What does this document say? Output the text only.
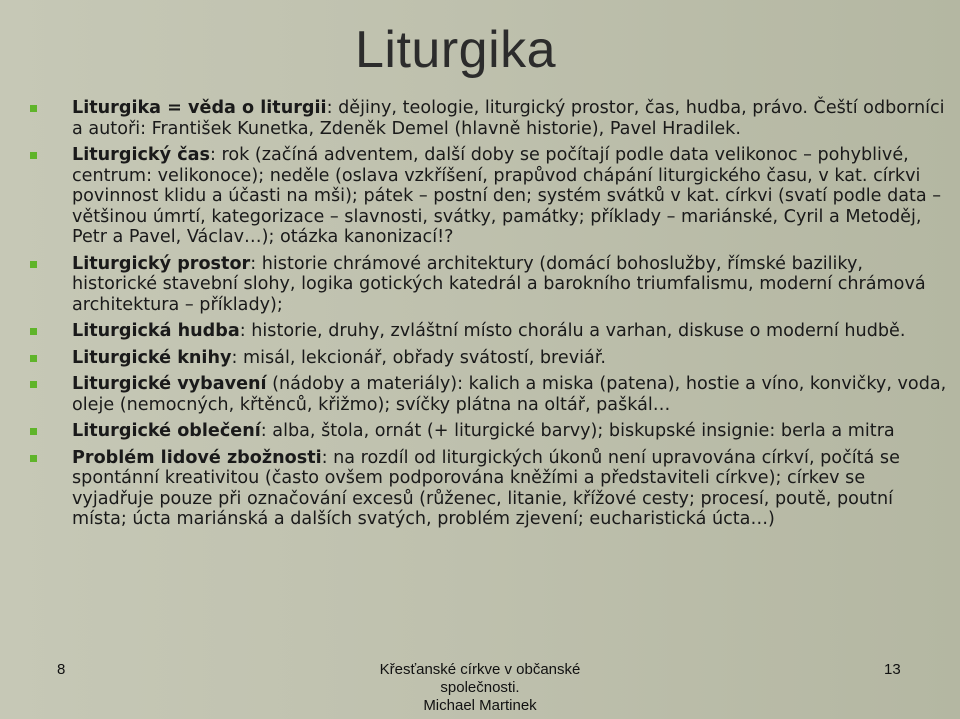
Liturgika
Liturgika = věda o liturgii: dějiny, teologie, liturgický prostor, čas, hudba, právo. Čeští odborníci a autoři: František Kunetka, Zdeněk Demel (hlavně historie), Pavel Hradilek.
Liturgický čas: rok (začíná adventem, další doby se počítají podle data velikonoc – pohyblivé, centrum: velikonoce); neděle (oslava vzkříšení, prapůvod chápání liturgického času, v kat. církvi povinnost klidu a účasti na mši); pátek – postní den; systém svátků v kat. církvi (svatí podle data – většinou úmrtí, kategorizace – slavnosti, svátky, památky; příklady – mariánské, Cyril a Metoděj, Petr a Pavel, Václav…); otázka kanonizací!?
Liturgický prostor: historie chrámové architektury (domácí bohoslužby, římské baziliky, historické stavební slohy, logika gotických katedrál a barokního triumfalismu, moderní chrámová architektura – příklady);
Liturgická hudba: historie, druhy, zvláštní místo chorálu a varhan, diskuse o moderní hudbě.
Liturgické knihy: misál, lekcionář, obřady svátostí, breviář.
Liturgické vybavení (nádoby a materiály): kalich a miska (patena), hostie a víno, konvičky, voda, oleje (nemocných, křtěnců, křižmo); svíčky plátna na oltář, paškál…
Liturgické oblečení: alba, štola, ornát (+ liturgické barvy); biskupské insignie: berla a mitra
Problém lidové zbožnosti: na rozdíl od liturgických úkonů není upravována církví, počítá se spontánní kreativitou (často ovšem podporována kněžími a představiteli církve); církev se vyjadřuje pouze při označování excesů (růženec, litanie, křížové cesty; procesí, poutě, poutní místa; úcta mariánská a dalších svatých, problém zjevení; eucharistická úcta…)
8	Křesťanské církve v občanské společnosti.
Michael Martinek
13
